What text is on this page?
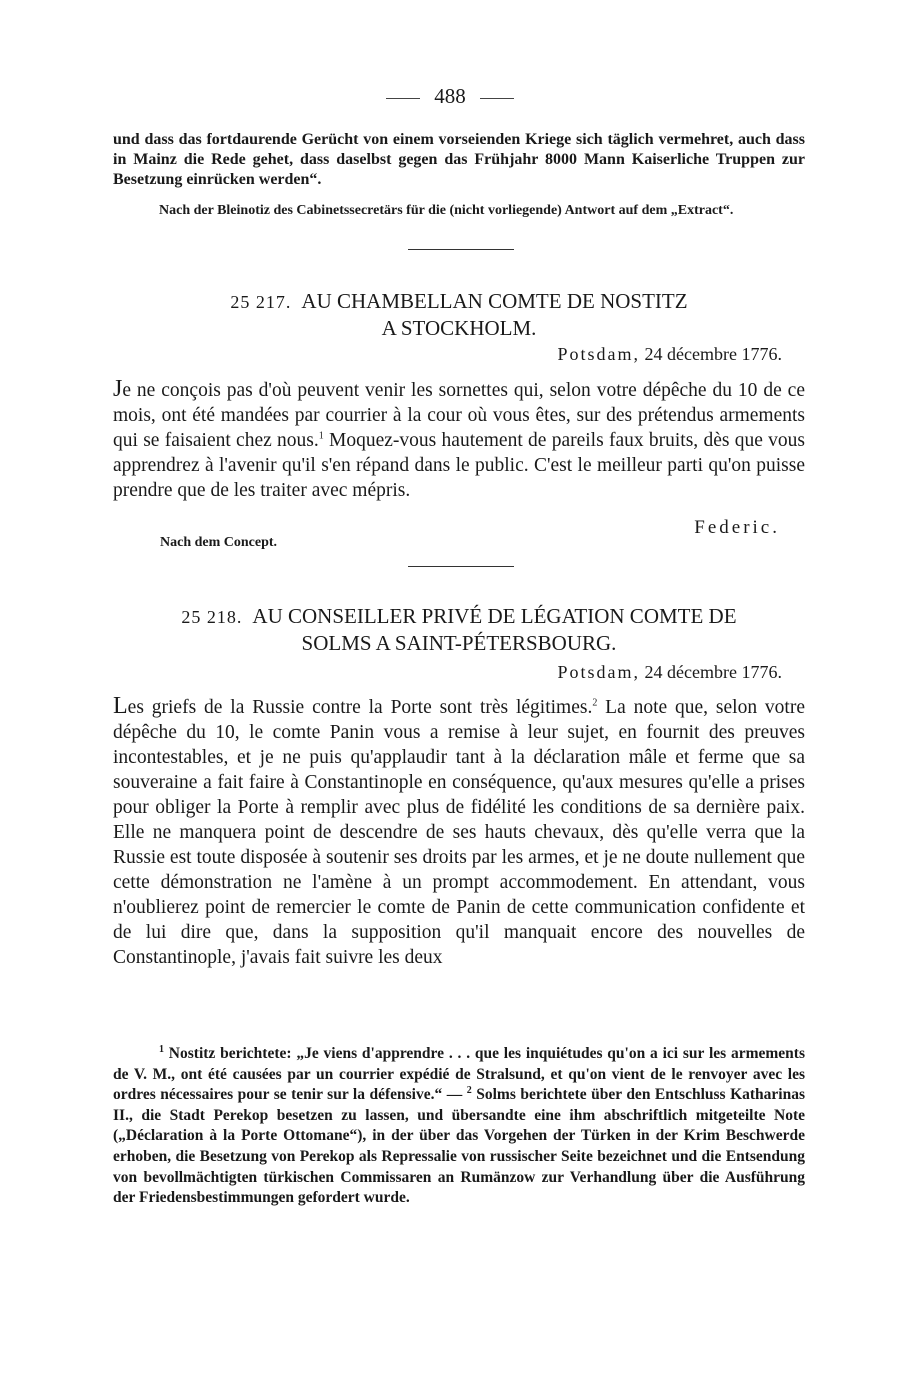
488

und dass das fortdaurende Gerücht von einem vorseienden Kriege sich täglich vermehret, auch dass in Mainz die Rede gehet, dass daselbst gegen das Frühjahr 8000 Mann Kaiserliche Truppen zur Besetzung einrücken werden“.

Nach der Bleinotiz des Cabinetssecretärs für die (nicht vorliegende) Antwort auf dem „Extract“.

25 217. AU CHAMBELLAN COMTE DE NOSTITZ
A STOCKHOLM.
Potsdam, 24 décembre 1776.

Je ne conçois pas d'où peuvent venir les sornettes qui, selon votre dépêche du 10 de ce mois, ont été mandées par courrier à la cour où vous êtes, sur des prétendus armements qui se faisaient chez nous.$^1$ Moquez-vous hautement de pareils faux bruits, dès que vous apprendrez à l'avenir qu'il s'en répand dans le public. C'est le meilleur parti qu'on puisse prendre que de les traiter avec mépris.

Federic.
Nach dem Concept.
25 218. AU CONSEILLER PRIVÉ DE LÉGATION COMTE DE
SOLMS A SAINT-PÉTERSBOURG.
Potsdam, 24 décembre 1776.

Les griefs de la Russie contre la Porte sont très légitimes.$^2$ La note que, selon votre dépêche du 10, le comte Panin vous a remise à leur sujet, en fournit des preuves incontestables, et je ne puis qu'applaudir tant à la déclaration mâle et ferme que sa souveraine a fait faire à Constantinople en conséquence, qu'aux mesures qu'elle a prises pour obliger la Porte à remplir avec plus de fidélité les conditions de sa dernière paix. Elle ne manquera point de descendre de ses hauts chevaux, dès qu'elle verra que la Russie est toute disposée à soutenir ses droits par les armes, et je ne doute nullement que cette démonstration ne l'amène à un prompt accommodement. En attendant, vous n'oublierez point de remercier le comte de Panin de cette communication confidente et de lui dire que, dans la supposition qu'il manquait encore des nouvelles de Constantinople, j'avais fait suivre les deux

$^1$ Nostitz berichtete: „Je viens d'apprendre . . . que les inquiétudes qu'on a ici sur les armements de V. M., ont été causées par un courrier expédié de Stralsund, et qu'on vient de le renvoyer avec les ordres nécessaires pour se tenir sur la défensive.“ — $^2$ Solms berichtete über den Entschluss Katharinas II., die Stadt Perekop besetzen zu lassen, und übersandte eine ihm abschriftlich mitgeteilte Note („Déclaration à la Porte Ottomane“), in der über das Vorgehen der Türken in der Krim Beschwerde erhoben, die Besetzung von Perekop als Repressalie von russischer Seite bezeichnet und die Entsendung von bevollmächtigten türkischen Commissaren an Rumänzow zur Verhandlung über die Ausführung der Friedensbestimmungen gefordert wurde.
